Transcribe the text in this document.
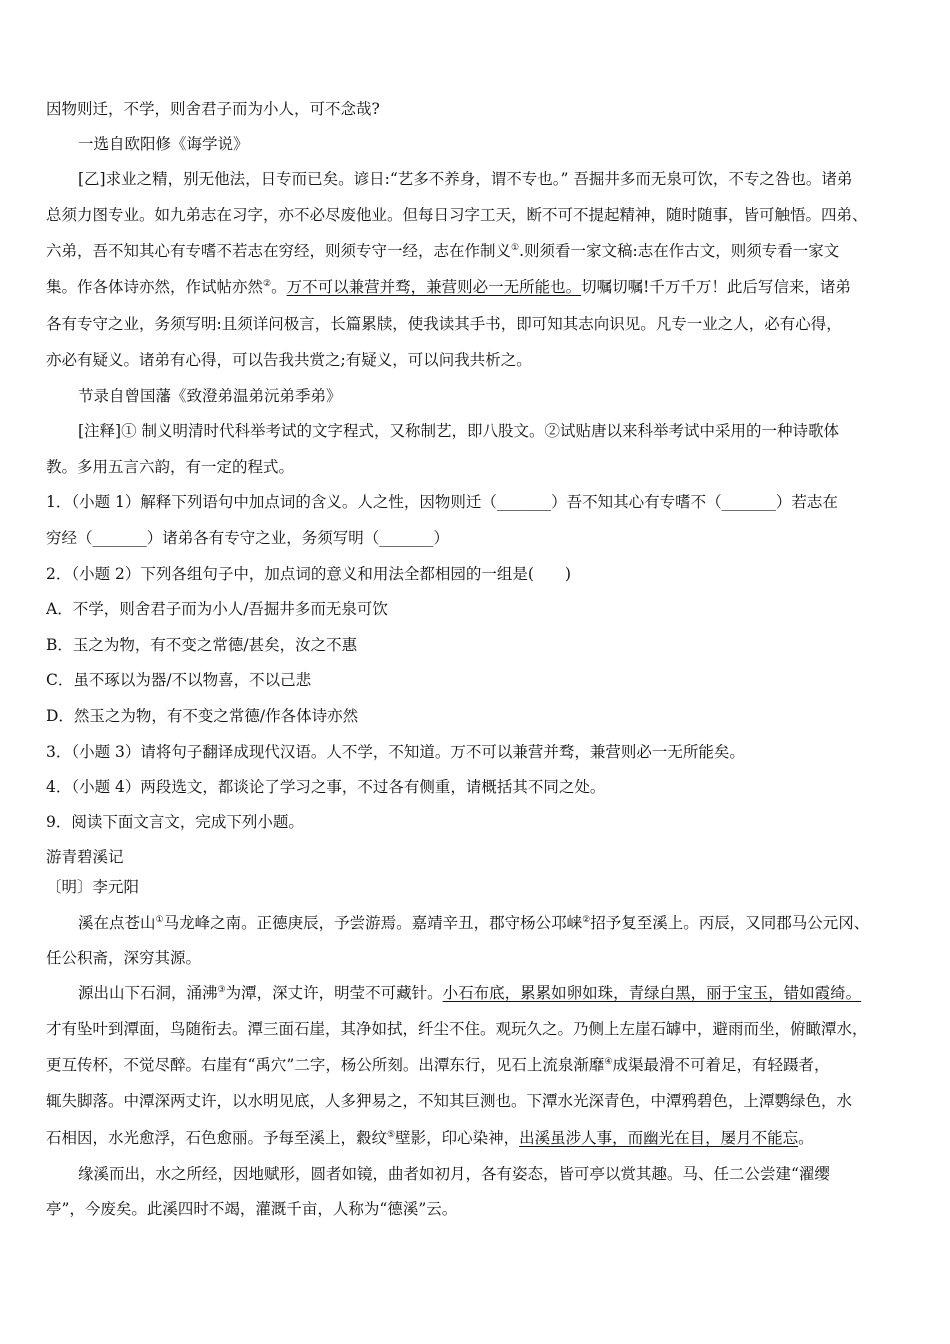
因物则迁，不学，则舍君子而为小人，可不念哉?
一选自欧阳修《诲学说》
[乙]求业之精，别无他法，日专而已矣。谚日:“艺多不养身，谓不专也。” 吾掘井多而无泉可饮，不专之咎也。诸弟
总须力图专业。如九弟志在习字，亦不必尽废他业。但每日习字工天，断不可不提起精神，随时随事，皆可触悟。四弟、
六弟，吾不知其心有专嗜不若志在穷经，则须专守一经，志在作制义①.则须看一家文稿:志在作古文，则须专看一家文
集。作各体诗亦然，作试帖亦然②。万不可以兼营并骛，兼营则必一无所能也。切嘱切嘱!千万千万！此后写信来，诸弟
各有专守之业，务须写明:且须详问极言，长篇累牍，使我读其手书，即可知其志向识见。凡专一业之人，必有心得，
亦必有疑义。诸弟有心得，可以告我共赏之;有疑义，可以问我共析之。
节录自曾国藩《致澄弟温弟沅弟季弟》
[注释]① 制义明清时代科举考试的文字程式，又称制艺，即八股文。②试贴唐以来科举考试中采用的一种诗歌体
教。多用五言六韵，有一定的程式。
1．（小题 1）解释下列语句中加点词的含义。人之性，因物则迁（_______）吾不知其心有专嗜不（_______）若志在
穷经（_______）诸弟各有专守之业，务须写明（_______）
2．（小题 2）下列各组句子中，加点词的意义和用法全都相园的一组是(　　)
A．不学，则舍君子而为小人/吾掘井多而无泉可饮
B．玉之为物，有不变之常德/甚矣，汝之不惠
C．虽不琢以为器/不以物喜，不以己悲
D．然玉之为物，有不变之常德/作各体诗亦然
3．（小题 3）请将句子翻译成现代汉语。人不学，不知道。万不可以兼营并骛，兼营则必一无所能矣。
4．（小题 4）两段选文，都谈论了学习之事，不过各有侧重，请概括其不同之处。
9．阅读下面文言文，完成下列小题。
游青碧溪记
〔明〕李元阳
溪在点苍山①马龙峰之南。正德庚辰，予尝游焉。嘉靖辛丑，郡守杨公邛崃②招予复至溪上。丙辰，又同郡马公元冈、
任公积斋，深穷其源。
源出山下石洞，涌沸③为潭，深丈许，明莹不可藏针。小石布底，累累如卵如珠，青绿白黑，丽于宝玉，错如霞绮。
才有坠叶到潭面，鸟随衔去。潭三面石崖，其净如拭，纤尘不住。观玩久之。乃侧上左崖石罅中，避雨而坐，俯瞰潭水，
更互传杯，不觉尽醉。右崖有“禹穴”二字，杨公所刻。出潭东行，见石上流泉渐靡④成渠最滑不可着足，有轻蹑者，
辄失脚落。中潭深两丈许，以水明见底，人多狎易之，不知其巨测也。下潭水光深青色，中潭鸦碧色，上潭鹦绿色，水
石相因，水光愈浮，石色愈丽。予每至溪上，縠纹⑤壁影，印心染神，出溪虽涉人事，而幽光在目，屡月不能忘。
缘溪而出，水之所经，因地赋形，圆者如镜，曲者如初月，各有姿态，皆可亭以赏其趣。马、任二公尝建“濯缨
亭”，今废矣。此溪四时不竭，灌溉千亩，人称为“德溪”云。
